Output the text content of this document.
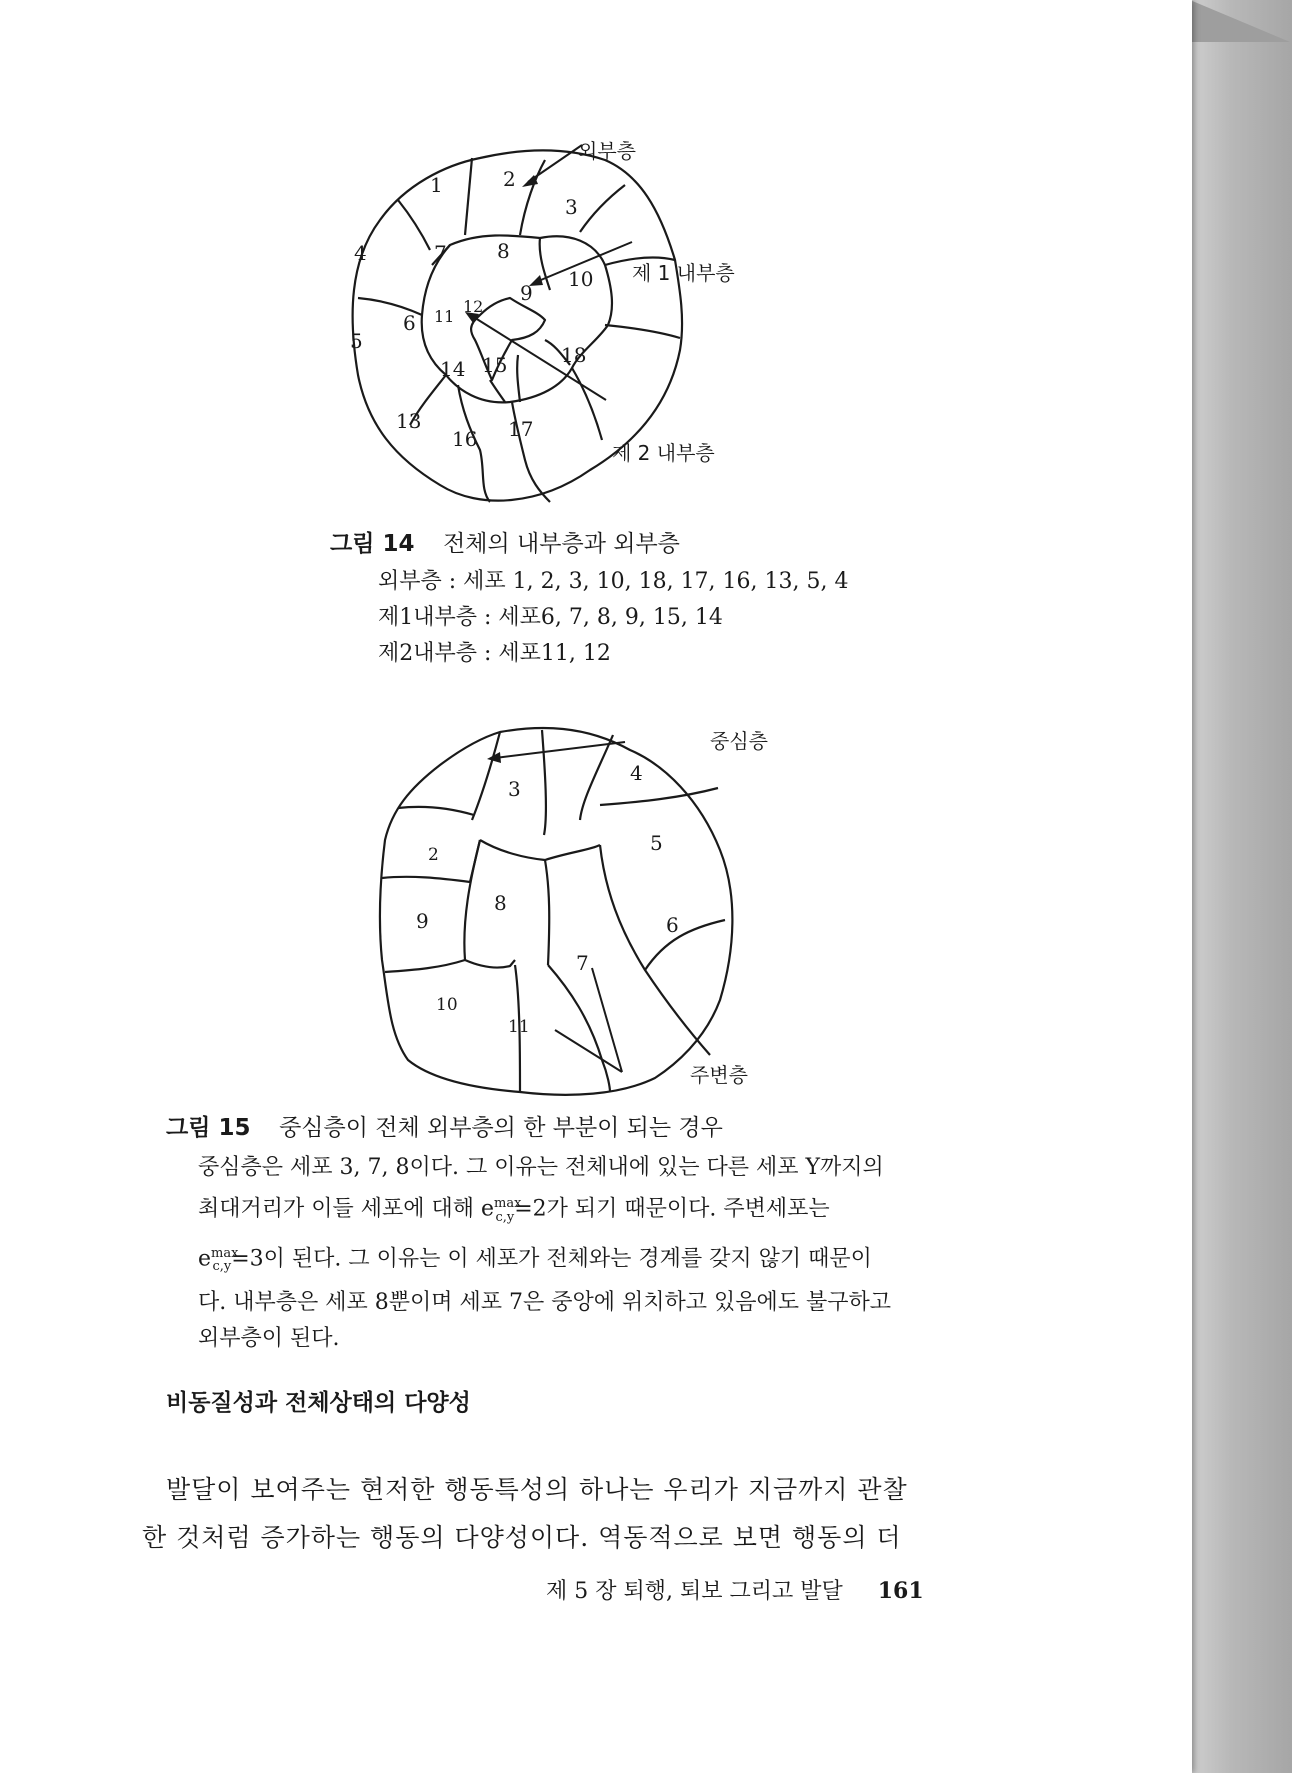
1	2
3
4
5
6
7	8
9
10
11
12
13
14 15
16 17
18
외부층
제 1 내부층
제 2 내부층
그림 14 전체의 내부층과 외부층
외부층 : 세포 1, 2, 3, 10, 18, 17, 16, 13, 5, 4
제1내부층 : 세포6, 7, 8, 9, 15, 14
제2내부층 : 세포11, 12
2
3
4
5
6
7
8
9
10
11
중심층
주변층
그림 15 중심층이 전체 외부층의 한 부분이 되는 경우
중심층은 세포 3, 7, 8이다. 그 이유는 전체내에 있는 다른 세포 Y까지의
최대거리가 이들 세포에 대해 $e^{max}_{c,y}=2$가 되기 때문이다. 주변세포는
$e^{max}_{c,y}=3$이 된다. 그 이유는 이 세포가 전체와는 경계를 갖지 않기 때문이
다. 내부층은 세포 8뿐이며 세포 7은 중앙에 위치하고 있음에도 불구하고
외부층이 된다.
비동질성과 전체상태의 다양성
발달이 보여주는 현저한 행동특성의 하나는 우리가 지금까지 관찰
한 것처럼 증가하는 행동의 다양성이다. 역동적으로 보면 행동의 더
제 5 장 퇴행, 퇴보 그리고 발달 161
